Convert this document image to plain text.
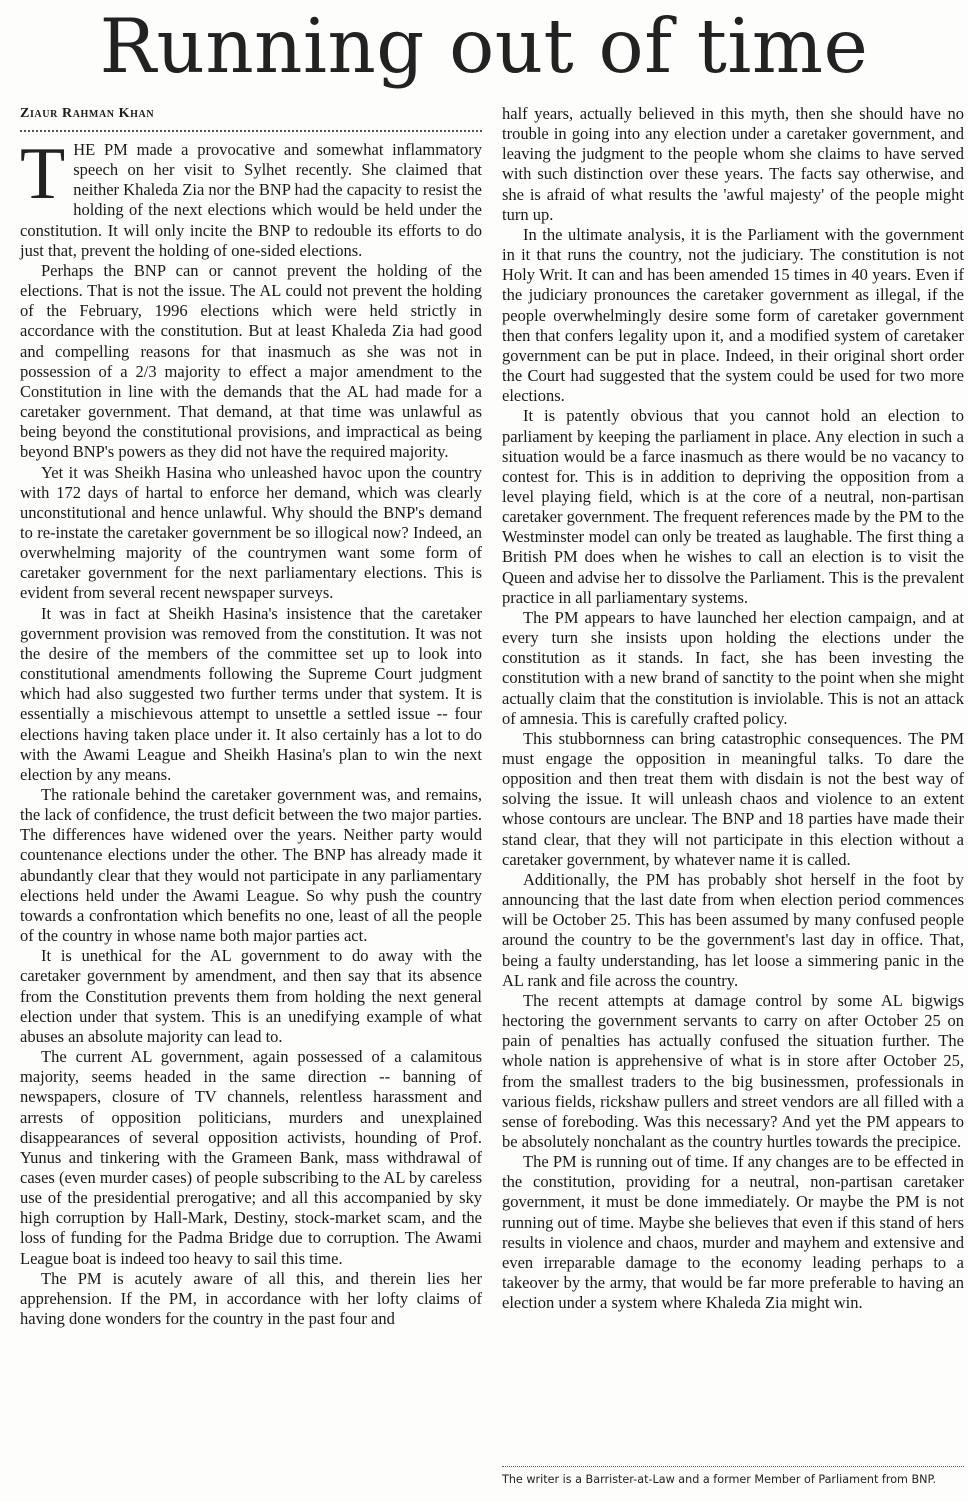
Running out of time
Ziaur Rahman Khan

THE PM made a provocative and somewhat inflammatory speech on her visit to Sylhet recently. She claimed that neither Khaleda Zia nor the BNP had the capacity to resist the holding of the next elections which would be held under the constitution. It will only incite the BNP to redouble its efforts to do just that, prevent the holding of one-sided elections.

Perhaps the BNP can or cannot prevent the holding of the elections. That is not the issue. The AL could not prevent the holding of the February, 1996 elections which were held strictly in accordance with the constitution. But at least Khaleda Zia had good and compelling reasons for that inasmuch as she was not in possession of a 2/3 majority to effect a major amendment to the Constitution in line with the demands that the AL had made for a caretaker government. That demand, at that time was unlawful as being beyond the constitutional provisions, and impractical as being beyond BNP's powers as they did not have the required majority.

Yet it was Sheikh Hasina who unleashed havoc upon the country with 172 days of hartal to enforce her demand, which was clearly unconstitutional and hence unlawful. Why should the BNP's demand to re-instate the caretaker government be so illogical now? Indeed, an overwhelming majority of the countrymen want some form of caretaker government for the next parliamentary elections. This is evident from several recent newspaper surveys.

It was in fact at Sheikh Hasina's insistence that the caretaker government provision was removed from the constitution. It was not the desire of the members of the committee set up to look into constitutional amendments following the Supreme Court judgment which had also suggested two further terms under that system. It is essentially a mischievous attempt to unsettle a settled issue -- four elections having taken place under it. It also certainly has a lot to do with the Awami League and Sheikh Hasina's plan to win the next election by any means.

The rationale behind the caretaker government was, and remains, the lack of confidence, the trust deficit between the two major parties. The differences have widened over the years. Neither party would countenance elections under the other. The BNP has already made it abundantly clear that they would not participate in any parliamentary elections held under the Awami League. So why push the country towards a confrontation which benefits no one, least of all the people of the country in whose name both major parties act.

It is unethical for the AL government to do away with the caretaker government by amendment, and then say that its absence from the Constitution prevents them from holding the next general election under that system. This is an unedifying example of what abuses an absolute majority can lead to.

The current AL government, again possessed of a calamitous majority, seems headed in the same direction -- banning of newspapers, closure of TV channels, relentless harassment and arrests of opposition politicians, murders and unexplained disappearances of several opposition activists, hounding of Prof. Yunus and tinkering with the Grameen Bank, mass withdrawal of cases (even murder cases) of people subscribing to the AL by careless use of the presidential prerogative; and all this accompanied by sky high corruption by Hall-Mark, Destiny, stock-market scam, and the loss of funding for the Padma Bridge due to corruption. The Awami League boat is indeed too heavy to sail this time.

The PM is acutely aware of all this, and therein lies her apprehension. If the PM, in accordance with her lofty claims of having done wonders for the country in the past four and

half years, actually believed in this myth, then she should have no trouble in going into any election under a caretaker government, and leaving the judgment to the people whom she claims to have served with such distinction over these years. The facts say otherwise, and she is afraid of what results the 'awful majesty' of the people might turn up.

In the ultimate analysis, it is the Parliament with the government in it that runs the country, not the judiciary. The constitution is not Holy Writ. It can and has been amended 15 times in 40 years. Even if the judiciary pronounces the caretaker government as illegal, if the people overwhelmingly desire some form of caretaker government then that confers legality upon it, and a modified system of caretaker government can be put in place. Indeed, in their original short order the Court had suggested that the system could be used for two more elections.

It is patently obvious that you cannot hold an election to parliament by keeping the parliament in place. Any election in such a situation would be a farce inasmuch as there would be no vacancy to contest for. This is in addition to depriving the opposition from a level playing field, which is at the core of a neutral, non-partisan caretaker government. The frequent references made by the PM to the Westminster model can only be treated as laughable. The first thing a British PM does when he wishes to call an election is to visit the Queen and advise her to dissolve the Parliament. This is the prevalent practice in all parliamentary systems.

The PM appears to have launched her election campaign, and at every turn she insists upon holding the elections under the constitution as it stands. In fact, she has been investing the constitution with a new brand of sanctity to the point when she might actually claim that the constitution is inviolable. This is not an attack of amnesia. This is carefully crafted policy.

This stubbornness can bring catastrophic consequences. The PM must engage the opposition in meaningful talks. To dare the opposition and then treat them with disdain is not the best way of solving the issue. It will unleash chaos and violence to an extent whose contours are unclear. The BNP and 18 parties have made their stand clear, that they will not participate in this election without a caretaker government, by whatever name it is called.

Additionally, the PM has probably shot herself in the foot by announcing that the last date from when election period commences will be October 25. This has been assumed by many confused people around the country to be the government's last day in office. That, being a faulty understanding, has let loose a simmering panic in the AL rank and file across the country.

The recent attempts at damage control by some AL bigwigs hectoring the government servants to carry on after October 25 on pain of penalties has actually confused the situation further. The whole nation is apprehensive of what is in store after October 25, from the smallest traders to the big businessmen, professionals in various fields, rickshaw pullers and street vendors are all filled with a sense of foreboding. Was this necessary? And yet the PM appears to be absolutely nonchalant as the country hurtles towards the precipice.

The PM is running out of time. If any changes are to be effected in the constitution, providing for a neutral, non-partisan caretaker government, it must be done immediately. Or maybe the PM is not running out of time. Maybe she believes that even if this stand of hers results in violence and chaos, murder and mayhem and extensive and even irreparable damage to the economy leading perhaps to a takeover by the army, that would be far more preferable to having an election under a system where Khaleda Zia might win.

The writer is a Barrister-at-Law and a former Member of Parliament from BNP.
